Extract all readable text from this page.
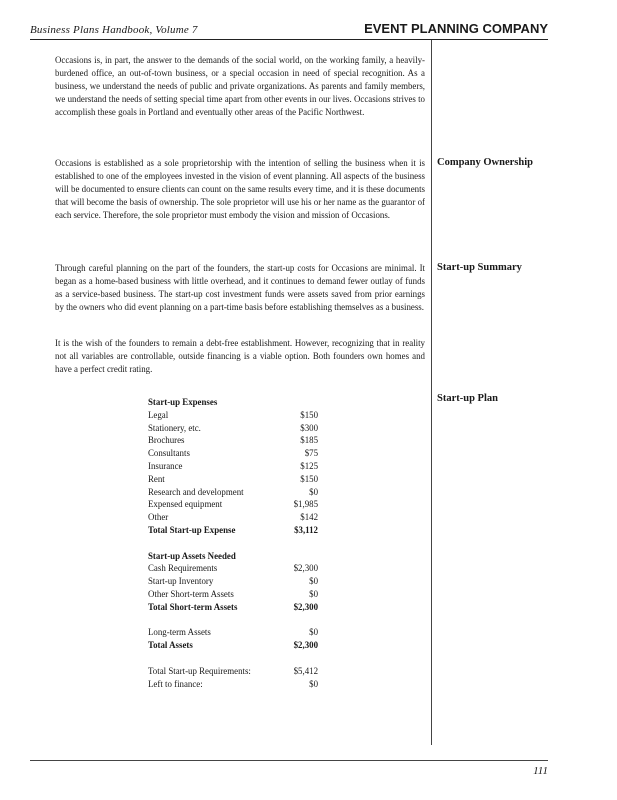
Business Plans Handbook, Volume 7	EVENT PLANNING COMPANY

Occasions is, in part, the answer to the demands of the social world, on the working family, a heavily-burdened office, an out-of-town business, or a special occasion in need of special recognition. As a business, we understand the needs of public and private organizations. As parents and family members, we understand the needs of setting special time apart from other events in our lives. Occasions strives to accomplish these goals in Portland and eventually other areas of the Pacific Northwest.

Occasions is established as a sole proprietorship with the intention of selling the business when it is established to one of the employees invested in the vision of event planning. All aspects of the business will be documented to ensure clients can count on the same results every time, and it is these documents that will become the basis of ownership. The sole proprietor will use his or her name as the guarantor of each service. Therefore, the sole proprietor must embody the vision and mission of Occasions.

Company Ownership

Through careful planning on the part of the founders, the start-up costs for Occasions are minimal. It began as a home-based business with little overhead, and it continues to demand fewer outlay of funds as a service-based business. The start-up cost investment funds were assets saved from prior earnings by the owners who did event planning on a part-time basis before establishing themselves as a business.

Start-up Summary

It is the wish of the founders to remain a debt-free establishment. However, recognizing that in reality not all variables are controllable, outside financing is a viable option. Both founders own homes and have a perfect credit rating.

Start-up Plan
Start-up Expenses
Legal	$150
Stationery, etc.	$300
Brochures	$185
Consultants	$75
Insurance	$125
Rent	$150
Research and development	$0
Expensed equipment	$1,985
Other	$142
Total Start-up Expense	$3,112
Start-up Assets Needed
Cash Requirements	$2,300
Start-up Inventory	$0
Other Short-term Assets	$0
Total Short-term Assets	$2,300
Long-term Assets	$0
Total Assets	$2,300
Total Start-up Requirements:	$5,412
Left to finance:	$0
111
